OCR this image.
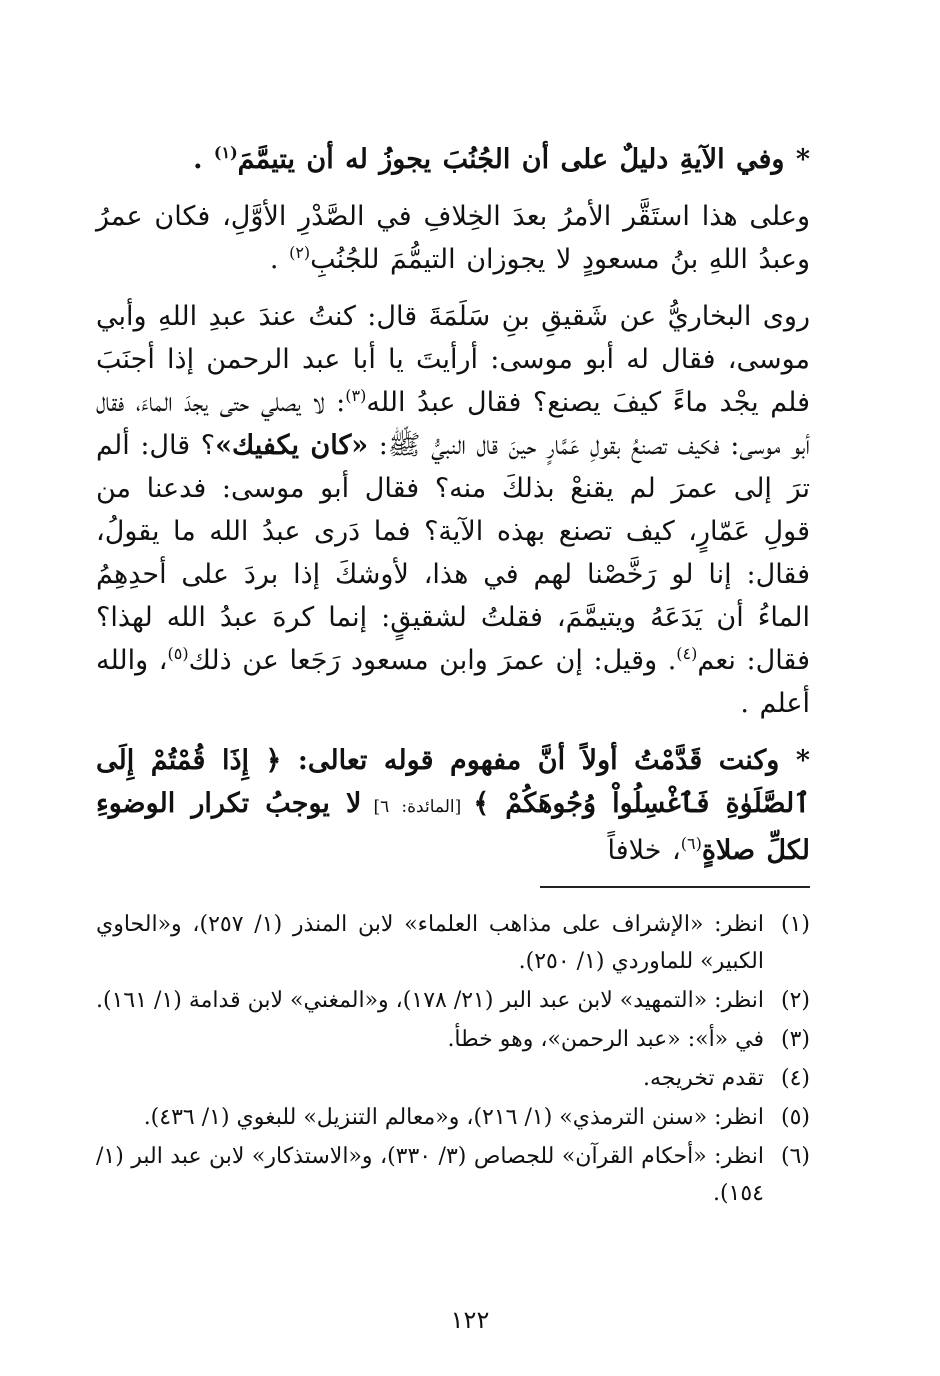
* وفي الآيةِ دليلٌ على أن الجُنُبَ يجوزُ له أن يتيمَّمَ$^{(١)}$ .

وعلى هذا استَقَّر الأمرُ بعدَ الخِلافِ في الصَّدْرِ الأوَّلِ، فكان عمرُ وعبدُ اللهِ بنُ مسعودٍ لا يجوزان التيمُّمَ للجُنُبِ$^{(٢)}$ .

روى البخاريُّ عن شَقيقِ بنِ سَلَمَةَ قال: كنتُ عندَ عبدِ اللهِ وأبي موسى، فقال له أبو موسى: أرأيتَ يا أبا عبد الرحمن إذا أجنَبَ فلم يجْد ماءً كيفَ يصنع؟ فقال عبدُ الله$^{(٣)}$: لا يصلي حتى يجدَ الماءَ، فقال أبو موسى: فكيف تصنعُ بقولِ عَمَّارٍ حينَ قال النبيُّ ﷺ: «كان يكفيك»؟ قال: ألم ترَ إلى عمرَ لم يقنعْ بذلكَ منه؟ فقال أبو موسى: فدعنا من قولِ عَمّارٍ، كيف تصنع بهذه الآية؟ فما دَرى عبدُ الله ما يقولُ، فقال: إنا لو رَخَّصْنا لهم في هذا، لأوشكَ إذا بردَ على أحدِهِمُ الماءُ أن يَدَعَهُ ويتيمَّمَ، فقلتُ لشقيقٍ: إنما كرهَ عبدُ الله لهذا؟ فقال: نعم$^{(٤)}$. وقيل: إن عمرَ وابن مسعود رَجَعا عن ذلك$^{(٥)}$، والله أعلم .

* وكنت قَدَّمْتُ أولاً أنَّ مفهوم قوله تعالى: ﴿ إِذَا قُمْتُمْ إِلَى ٱلصَّلَوٰةِ فَٱغْسِلُواْ وُجُوهَكُمْ ﴾ [المائدة: ٦] لا يوجبُ تكرار الوضوءِ لكلِّ صلاةٍ$^{(٦)}$، خلافاً

(١)
انظر: «الإشراف على مذاهب العلماء» لابن المنذر (١/ ٢٥٧)، و«الحاوي الكبير» للماوردي (١/ ٢٥٠).
(٢)
انظر: «التمهيد» لابن عبد البر (٢١/ ١٧٨)، و«المغني» لابن قدامة (١/ ١٦١).
(٣)
في «أ»: «عبد الرحمن»، وهو خطأ.
(٤)
تقدم تخريجه.
(٥)
انظر: «سنن الترمذي» (١/ ٢١٦)، و«معالم التنزيل» للبغوي (١/ ٤٣٦).
(٦)
انظر: «أحكام القرآن» للجصاص (٣/ ٣٣٠)، و«الاستذكار» لابن عبد البر (١/ ١٥٤).
١٢٢
